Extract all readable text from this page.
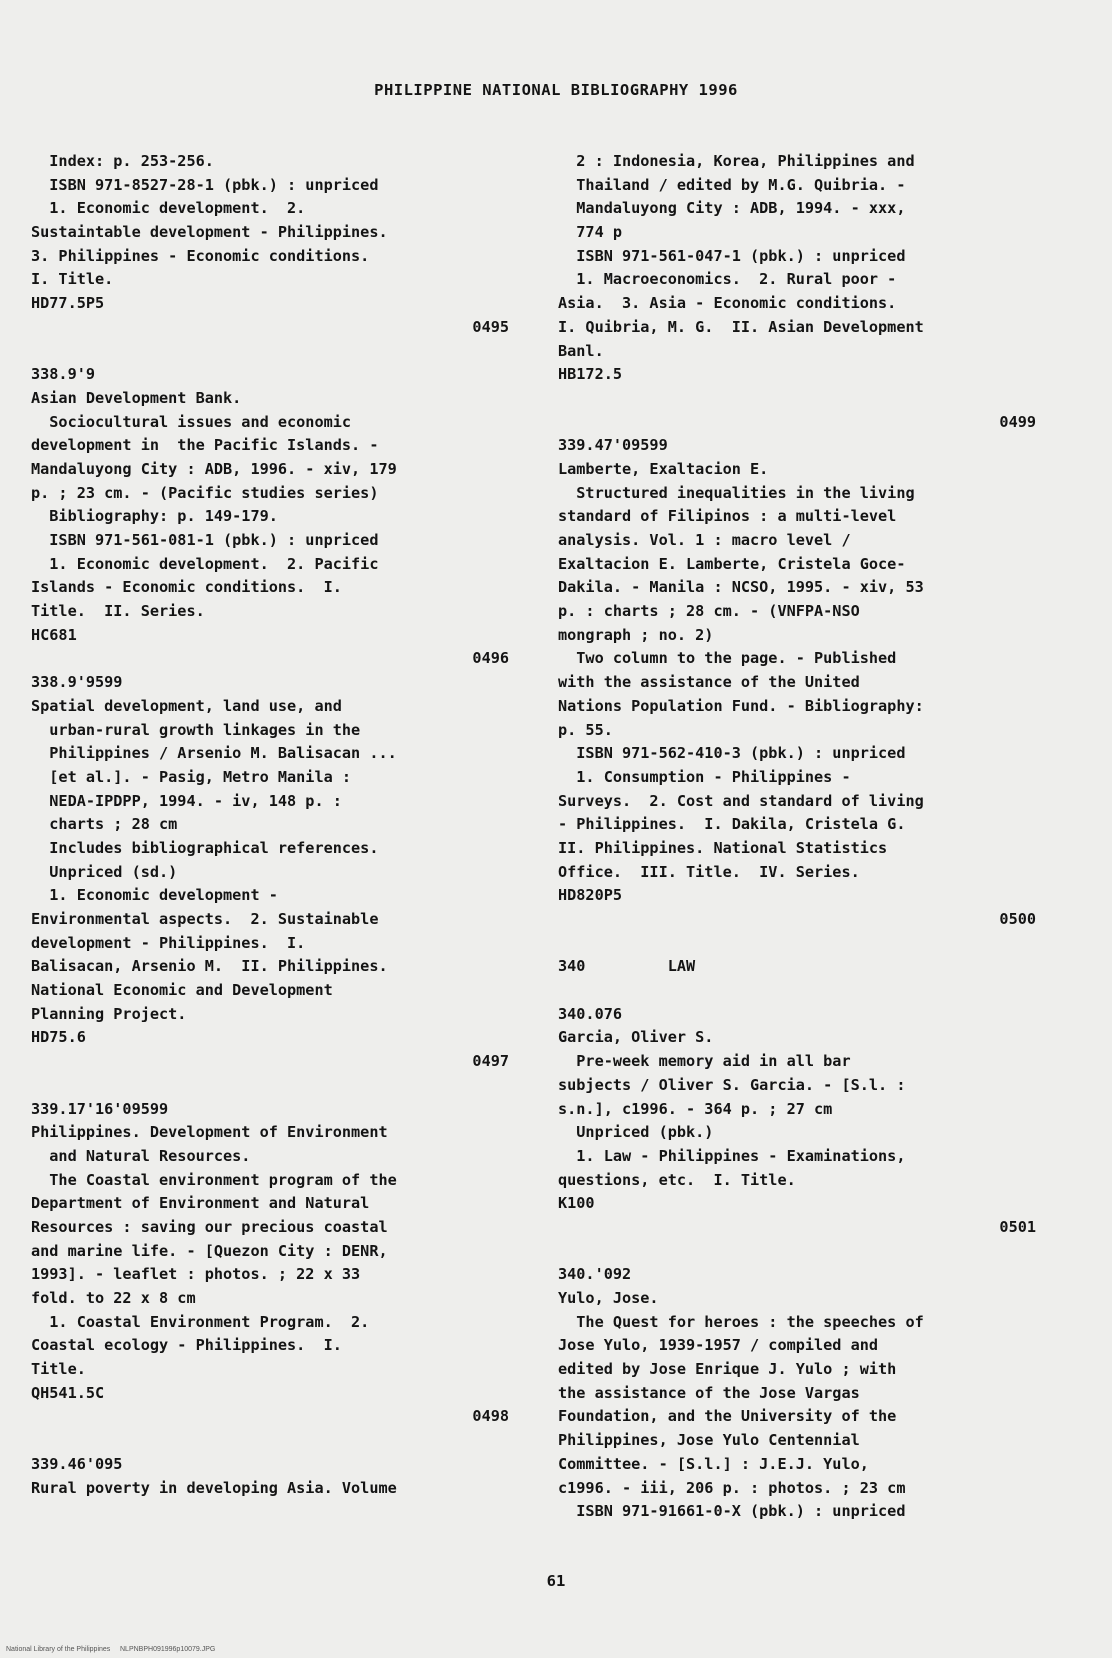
PHILIPPINE NATIONAL BIBLIOGRAPHY 1996
Index: p. 253-256.
ISBN 971-8527-28-1 (pbk.) : unpriced
1. Economic development.  2.
Sustaintable development - Philippines.
3. Philippines - Economic conditions.
I. Title.
HD77.5P5
0495
338.9'9
Asian Development Bank.
Sociocultural issues and economic
development in  the Pacific Islands. -
Mandaluyong City : ADB, 1996. - xiv, 179
p. ; 23 cm. - (Pacific studies series)
Bibliography: p. 149-179.
ISBN 971-561-081-1 (pbk.) : unpriced
1. Economic development.  2. Pacific
Islands - Economic conditions.  I.
Title.  II. Series.
HC681
0496
338.9'9599
Spatial development, land use, and
urban-rural growth linkages in the
Philippines / Arsenio M. Balisacan ...
[et al.]. - Pasig, Metro Manila :
NEDA-IPDPP, 1994. - iv, 148 p. :
charts ; 28 cm
Includes bibliographical references.
Unpriced (sd.)
1. Economic development -
Environmental aspects.  2. Sustainable
development - Philippines.  I.
Balisacan, Arsenio M.  II. Philippines.
National Economic and Development
Planning Project.
HD75.6
0497
339.17'16'09599
Philippines. Development of Environment
and Natural Resources.
The Coastal environment program of the
Department of Environment and Natural
Resources : saving our precious coastal
and marine life. - [Quezon City : DENR,
1993]. - leaflet : photos. ; 22 x 33
fold. to 22 x 8 cm
1. Coastal Environment Program.  2.
Coastal ecology - Philippines.  I.
Title.
QH541.5C
0498
339.46'095
Rural poverty in developing Asia. Volume
2 : Indonesia, Korea, Philippines and
Thailand / edited by M.G. Quibria. -
Mandaluyong City : ADB, 1994. - xxx,
774 p
ISBN 971-561-047-1 (pbk.) : unpriced
1. Macroeconomics.  2. Rural poor -
Asia.  3. Asia - Economic conditions.
I. Quibria, M. G.  II. Asian Development
Banl.
HB172.5
0499
339.47'09599
Lamberte, Exaltacion E.
Structured inequalities in the living
standard of Filipinos : a multi-level
analysis. Vol. 1 : macro level /
Exaltacion E. Lamberte, Cristela Goce-
Dakila. - Manila : NCSO, 1995. - xiv, 53
p. : charts ; 28 cm. - (VNFPA-NSO
mongraph ; no. 2)
Two column to the page. - Published
with the assistance of the United
Nations Population Fund. - Bibliography:
p. 55.
ISBN 971-562-410-3 (pbk.) : unpriced
1. Consumption - Philippines -
Surveys.  2. Cost and standard of living
- Philippines.  I. Dakila, Cristela G.
II. Philippines. National Statistics
Office.  III. Title.  IV. Series.
HD820P5
0500
340         LAW
340.076
Garcia, Oliver S.
Pre-week memory aid in all bar
subjects / Oliver S. Garcia. - [S.l. :
s.n.], c1996. - 364 p. ; 27 cm
Unpriced (pbk.)
1. Law - Philippines - Examinations,
questions, etc.  I. Title.
K100
0501
340.'092
Yulo, Jose.
The Quest for heroes : the speeches of
Jose Yulo, 1939-1957 / compiled and
edited by Jose Enrique J. Yulo ; with
the assistance of the Jose Vargas
Foundation, and the University of the
Philippines, Jose Yulo Centennial
Committee. - [S.l.] : J.E.J. Yulo,
c1996. - iii, 206 p. : photos. ; 23 cm
ISBN 971-91661-0-X (pbk.) : unpriced
61
National Library of the Philippines     NLPNBPH091996p10079.JPG
